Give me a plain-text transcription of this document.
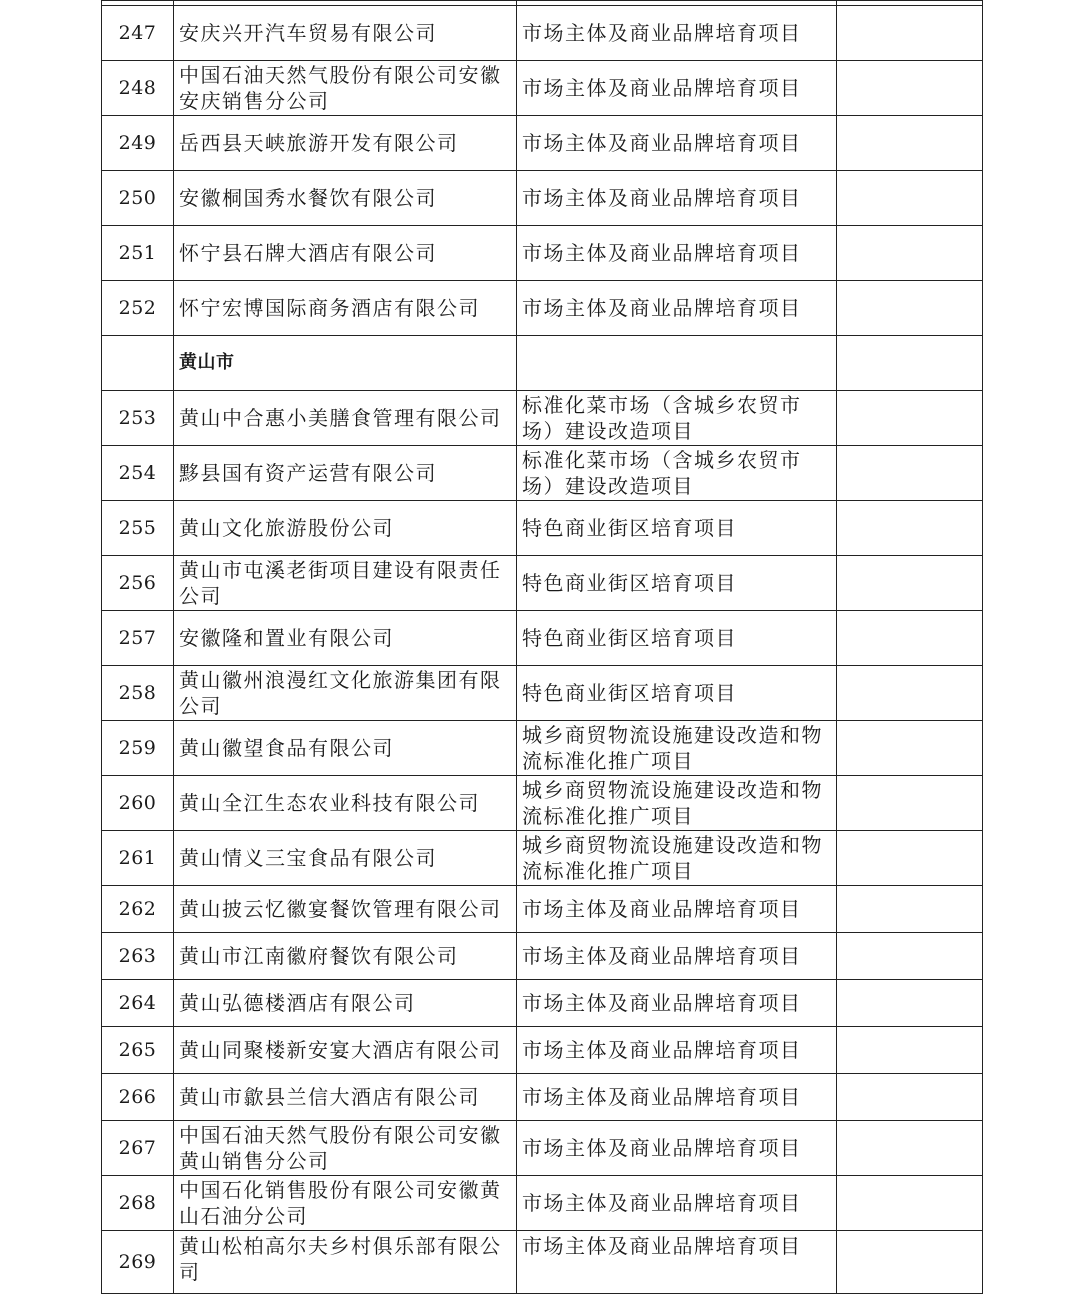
247	安庆兴开汽车贸易有限公司	市场主体及商业品牌培育项目	
248	中国石油天然气股份有限公司安徽安庆销售分公司	市场主体及商业品牌培育项目	
249	岳西县天峡旅游开发有限公司	市场主体及商业品牌培育项目	
250	安徽桐国秀水餐饮有限公司	市场主体及商业品牌培育项目	
251	怀宁县石牌大酒店有限公司	市场主体及商业品牌培育项目	
252	怀宁宏博国际商务酒店有限公司	市场主体及商业品牌培育项目	
	黄山市		
253	黄山中合惠小美膳食管理有限公司	标准化菜市场（含城乡农贸市场）建设改造项目	
254	黟县国有资产运营有限公司	标准化菜市场（含城乡农贸市场）建设改造项目	
255	黄山文化旅游股份公司	特色商业街区培育项目	
256	黄山市屯溪老街项目建设有限责任公司	特色商业街区培育项目	
257	安徽隆和置业有限公司	特色商业街区培育项目	
258	黄山徽州浪漫红文化旅游集团有限公司	特色商业街区培育项目	
259	黄山徽望食品有限公司	城乡商贸物流设施建设改造和物流标准化推广项目	
260	黄山全江生态农业科技有限公司	城乡商贸物流设施建设改造和物流标准化推广项目	
261	黄山情义三宝食品有限公司	城乡商贸物流设施建设改造和物流标准化推广项目	
262	黄山披云忆徽宴餐饮管理有限公司	市场主体及商业品牌培育项目	
263	黄山市江南徽府餐饮有限公司	市场主体及商业品牌培育项目	
264	黄山弘德楼酒店有限公司	市场主体及商业品牌培育项目	
265	黄山同聚楼新安宴大酒店有限公司	市场主体及商业品牌培育项目	
266	黄山市歙县兰信大酒店有限公司	市场主体及商业品牌培育项目	
267	中国石油天然气股份有限公司安徽黄山销售分公司	市场主体及商业品牌培育项目	
268	中国石化销售股份有限公司安徽黄山石油分公司	市场主体及商业品牌培育项目	
269	黄山松柏高尔夫乡村俱乐部有限公司	市场主体及商业品牌培育项目	
